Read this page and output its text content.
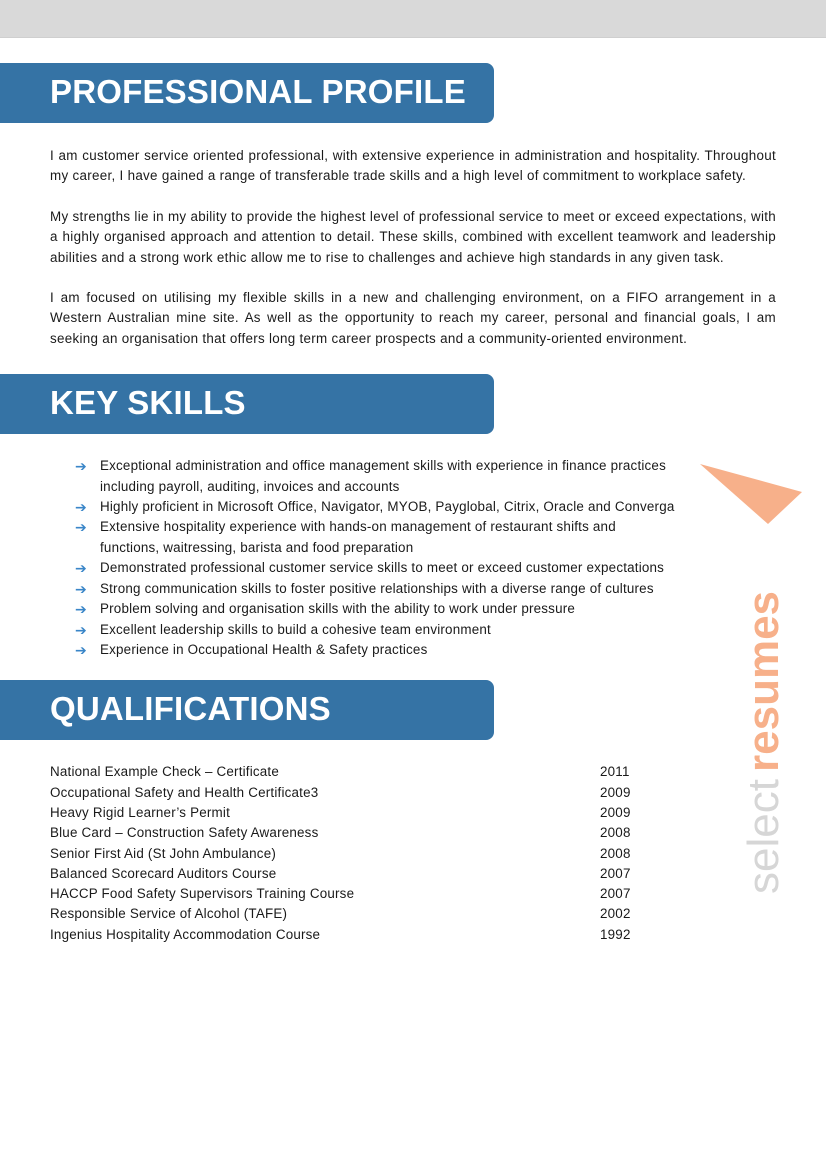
PROFESSIONAL PROFILE

I am customer service oriented professional, with extensive experience in administration and hospitality. Throughout my career, I have gained a range of transferable trade skills and a high level of commitment to workplace safety.

My strengths lie in my ability to provide the highest level of professional service to meet or exceed expectations, with a highly organised approach and attention to detail. These skills, combined with excellent teamwork and leadership abilities and a strong work ethic allow me to rise to challenges and achieve high standards in any given task.

I am focused on utilising my flexible skills in a new and challenging environment, on a FIFO arrangement in a Western Australian mine site. As well as the opportunity to reach my career, personal and financial goals, I am seeking an organisation that offers long term career prospects and a community-oriented environment.

KEY SKILLS
➔ Exceptional administration and office management skills with experience in finance practices including payroll, auditing, invoices and accounts
➔ Highly proficient in Microsoft Office, Navigator, MYOB, Payglobal, Citrix, Oracle and Converga
➔ Extensive hospitality experience with hands-on management of restaurant shifts and functions, waitressing, barista and food preparation
➔ Demonstrated professional customer service skills to meet or exceed customer expectations
➔ Strong communication skills to foster positive relationships with a diverse range of cultures
➔ Problem solving and organisation skills with the ability to work under pressure
➔ Excellent leadership skills to build a cohesive team environment
➔ Experience in Occupational Health & Safety practices
QUALIFICATIONS
National Example Check – Certificate	2011
Occupational Safety and Health Certificate3	2009
Heavy Rigid Learner’s Permit	2009
Blue Card – Construction Safety Awareness	2008
Senior First Aid (St John Ambulance)	2008
Balanced Scorecard Auditors Course	2007
HACCP Food Safety Supervisors Training Course	2007
Responsible Service of Alcohol (TAFE)	2002
Ingenius Hospitality Accommodation Course	1992
select
resumes
